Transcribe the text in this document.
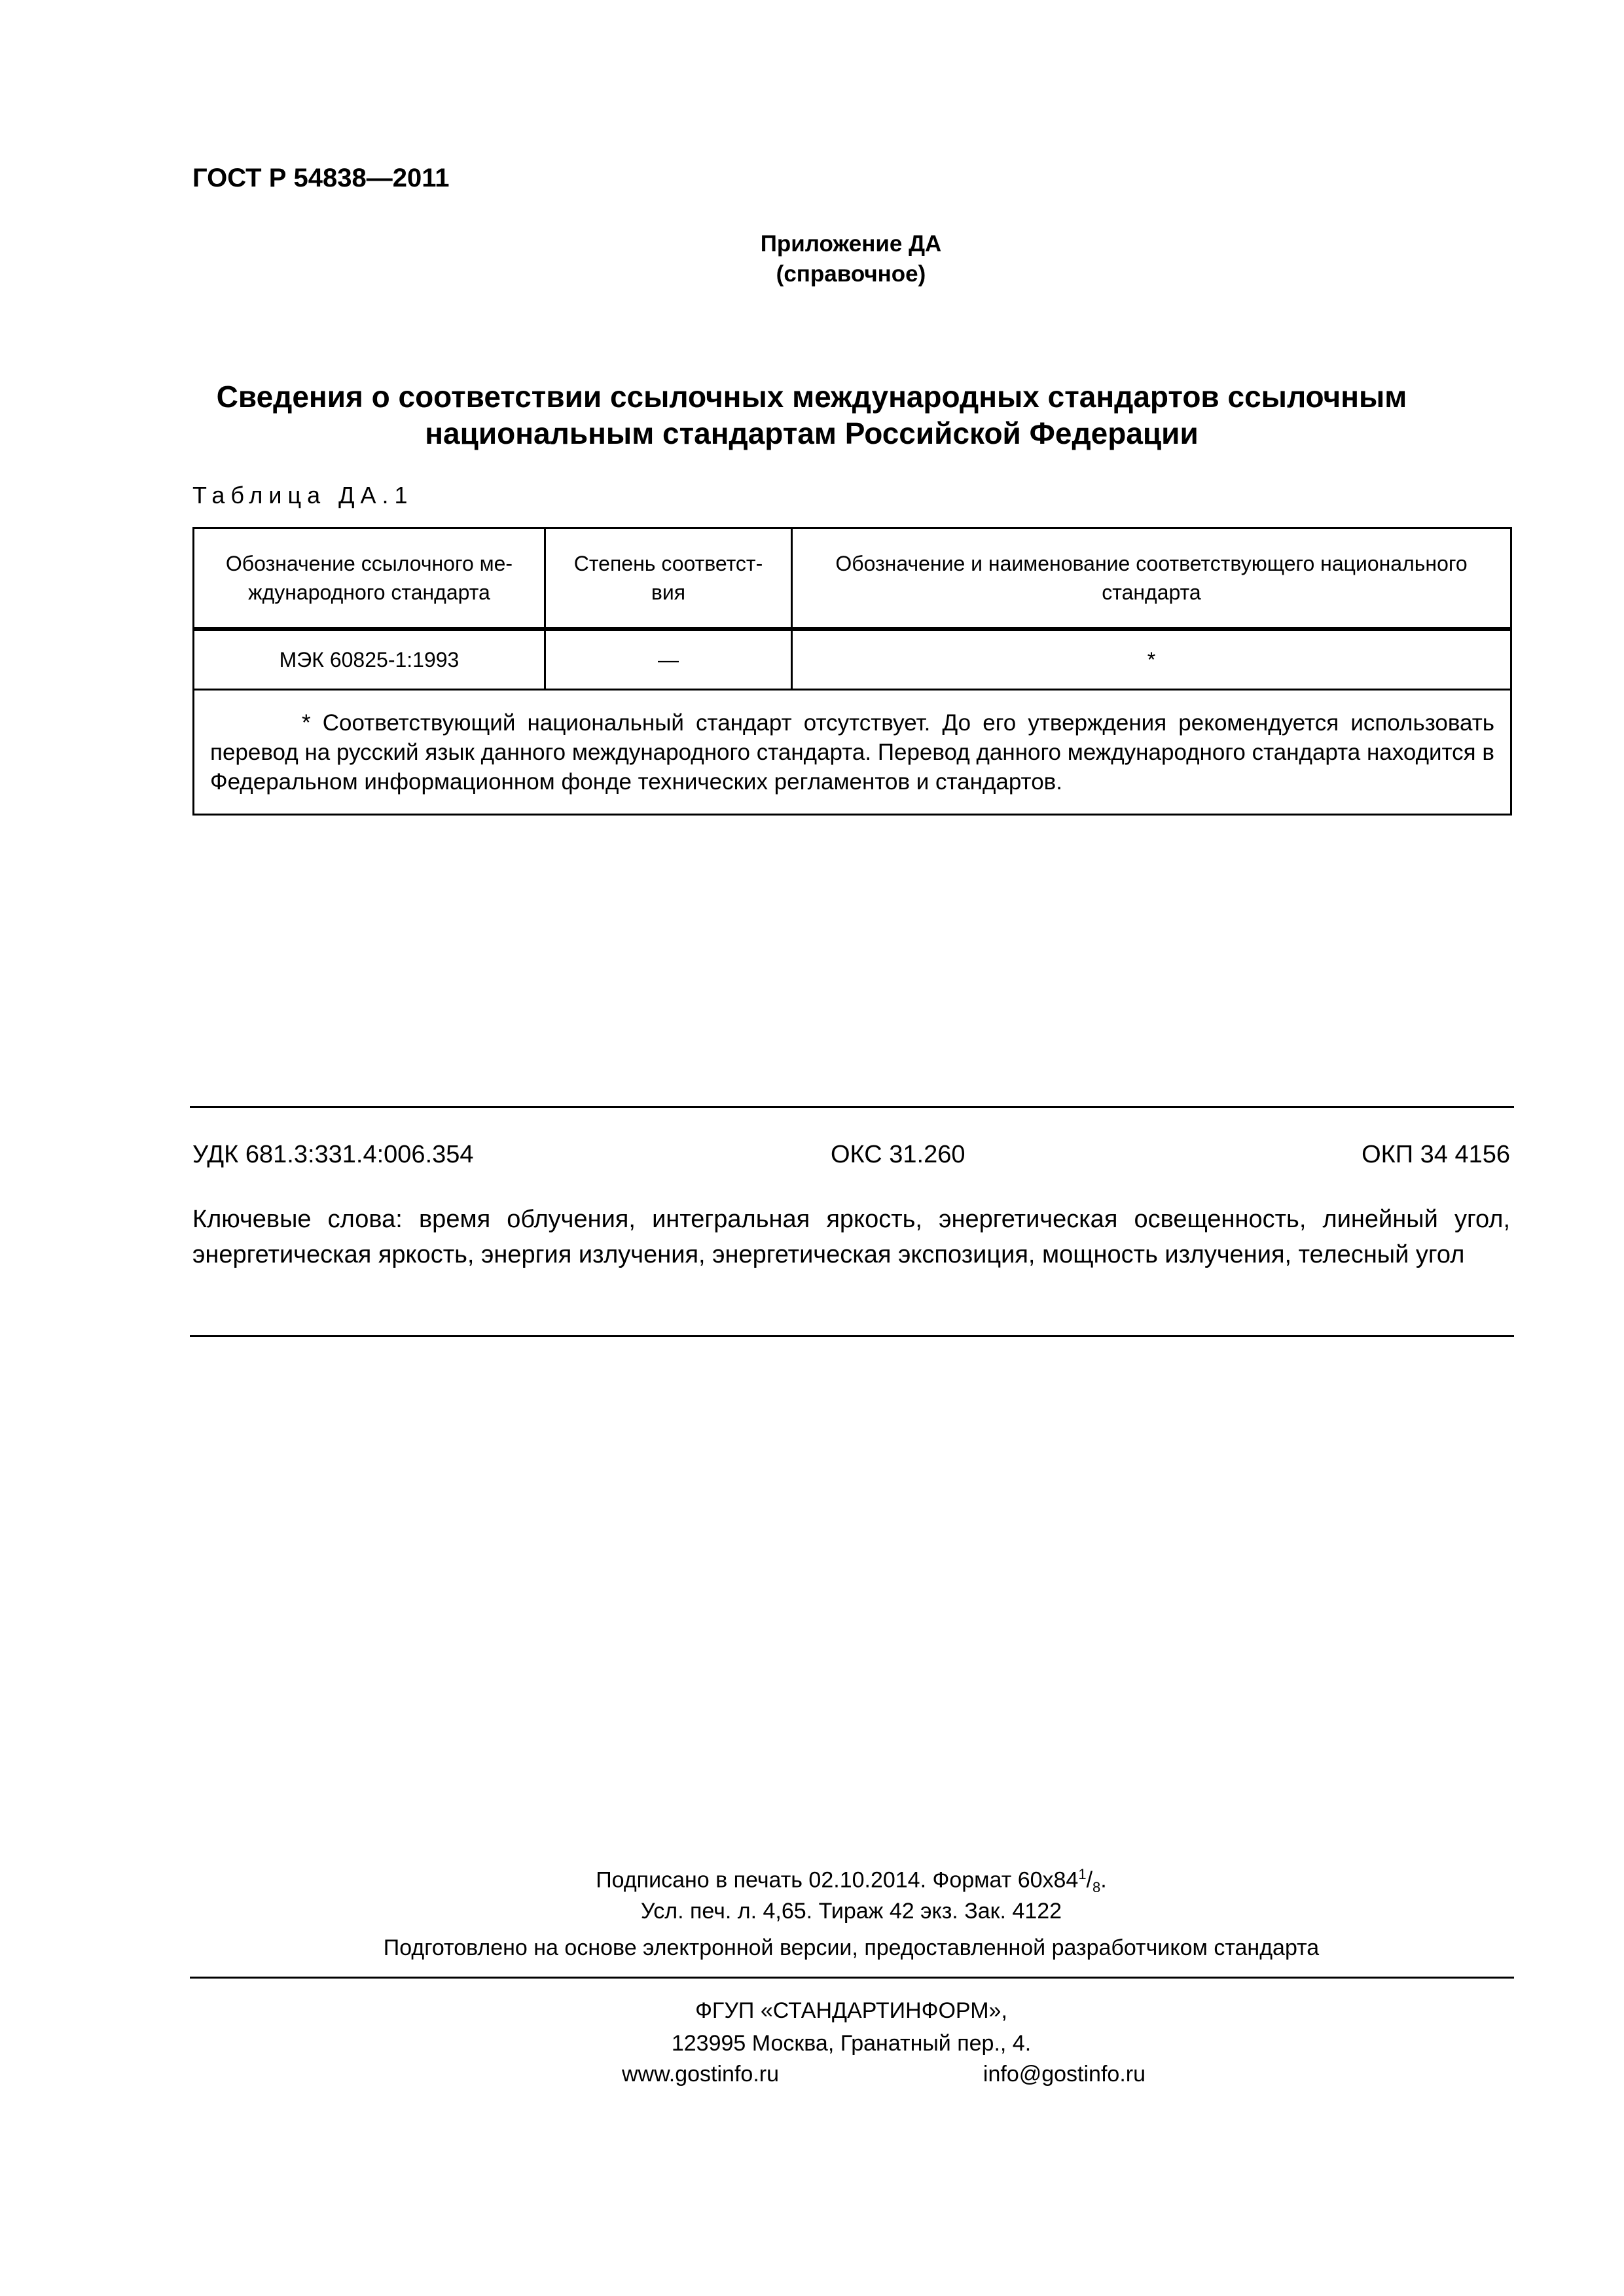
ГОСТ Р 54838—2011
Приложение ДА
(справочное)
Сведения о соответствии ссылочных международных стандартов ссылочным
национальным стандартам Российской Федерации
Таблица ДА.1
Обозначение ссылочного ме-ждународного стандарта	Степень соответст-вия	Обозначение и наименование соответствующего национального стандарта
МЭК 60825-1:1993	—	*

* Соответствующий национальный стандарт отсутствует. До его утверждения рекомендуется использовать перевод на русский язык данного международного стандарта. Перевод данного международного стандарта находится в Федеральном информационном фонде технических регламентов и стандартов.		
УДК 681.3:331.4:006.354	ОКС 31.260	ОКП 34 4156
Ключевые слова: время облучения, интегральная яркость, энергетическая освещенность, линейный угол, энергетическая яркость, энергия излучения, энергетическая экспозиция, мощность излучения, телесный угол
Подписано в печать 02.10.2014. Формат $60х84^1/_8$.
Усл. печ. л. 4,65. Тираж 42 экз. Зак. 4122
Подготовлено на основе электронной версии, предоставленной разработчиком стандарта
ФГУП «СТАНДАРТИНФОРМ»,
123995 Москва, Гранатный пер., 4.
www.gostinfo.ru	info@gostinfo.ru
